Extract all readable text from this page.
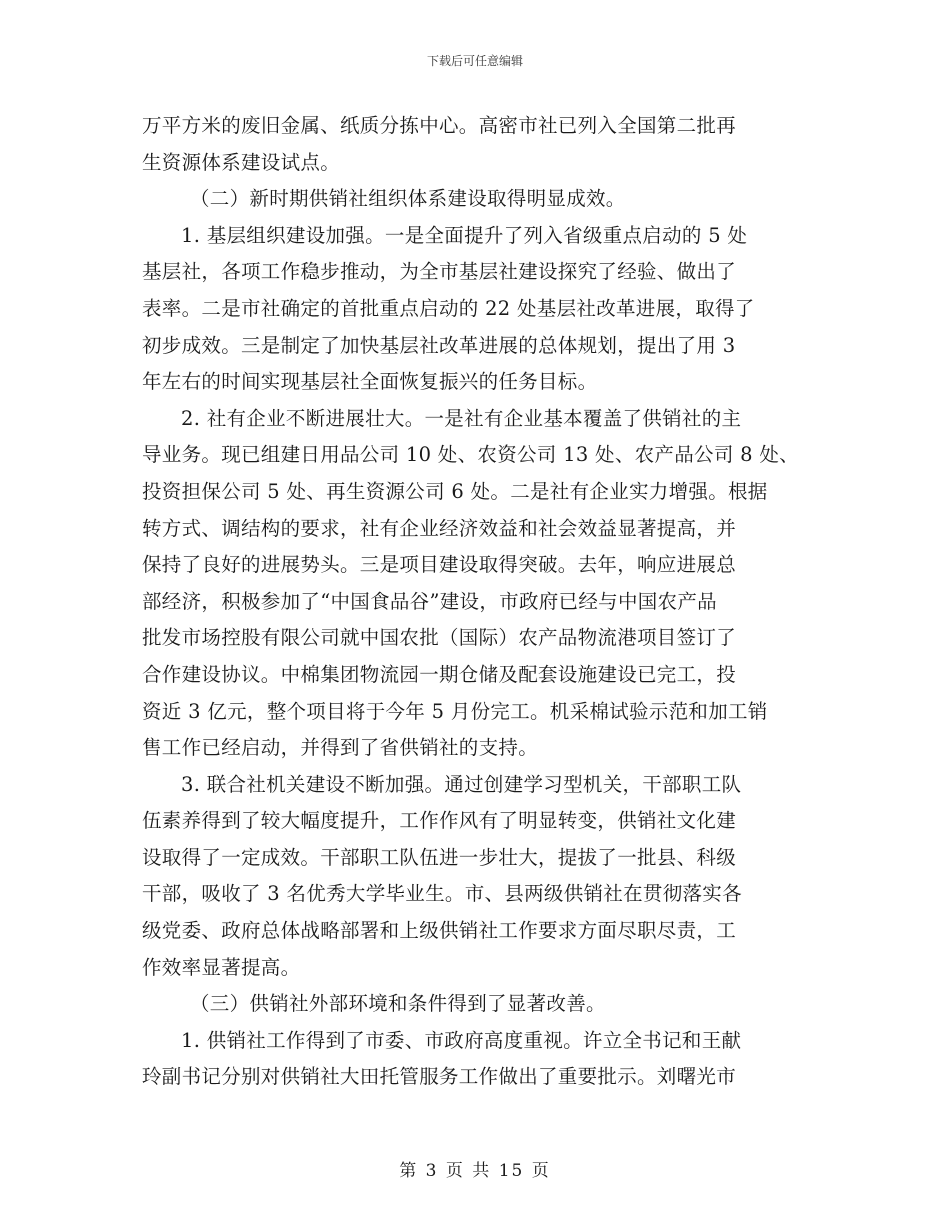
下载后可任意编辑
万平方米的废旧金属、纸质分拣中心。高密市社已列入全国第二批再
生资源体系建设试点。
（二）新时期供销社组织体系建设取得明显成效。
1. 基层组织建设加强。一是全面提升了列入省级重点启动的 5 处
基层社，各项工作稳步推动，为全市基层社建设探究了经验、做出了
表率。二是市社确定的首批重点启动的 22 处基层社改革进展，取得了
初步成效。三是制定了加快基层社改革进展的总体规划，提出了用 3
年左右的时间实现基层社全面恢复振兴的任务目标。
2. 社有企业不断进展壮大。一是社有企业基本覆盖了供销社的主
导业务。现已组建日用品公司 10 处、农资公司 13 处、农产品公司 8 处、
投资担保公司 5 处、再生资源公司 6 处。二是社有企业实力增强。根据
转方式、调结构的要求，社有企业经济效益和社会效益显著提高，并
保持了良好的进展势头。三是项目建设取得突破。去年，响应进展总
部经济，积极参加了“中国食品谷”建设，市政府已经与中国农产品
批发市场控股有限公司就中国农批（国际）农产品物流港项目签订了
合作建设协议。中棉集团物流园一期仓储及配套设施建设已完工，投
资近 3 亿元，整个项目将于今年 5 月份完工。机采棉试验示范和加工销
售工作已经启动，并得到了省供销社的支持。
3. 联合社机关建设不断加强。通过创建学习型机关，干部职工队
伍素养得到了较大幅度提升，工作作风有了明显转变，供销社文化建
设取得了一定成效。干部职工队伍进一步壮大，提拔了一批县、科级
干部，吸收了 3 名优秀大学毕业生。市、县两级供销社在贯彻落实各
级党委、政府总体战略部署和上级供销社工作要求方面尽职尽责，工
作效率显著提高。
（三）供销社外部环境和条件得到了显著改善。
1. 供销社工作得到了市委、市政府高度重视。许立全书记和王献
玲副书记分别对供销社大田托管服务工作做出了重要批示。刘曙光市
第 3 页 共 15 页
